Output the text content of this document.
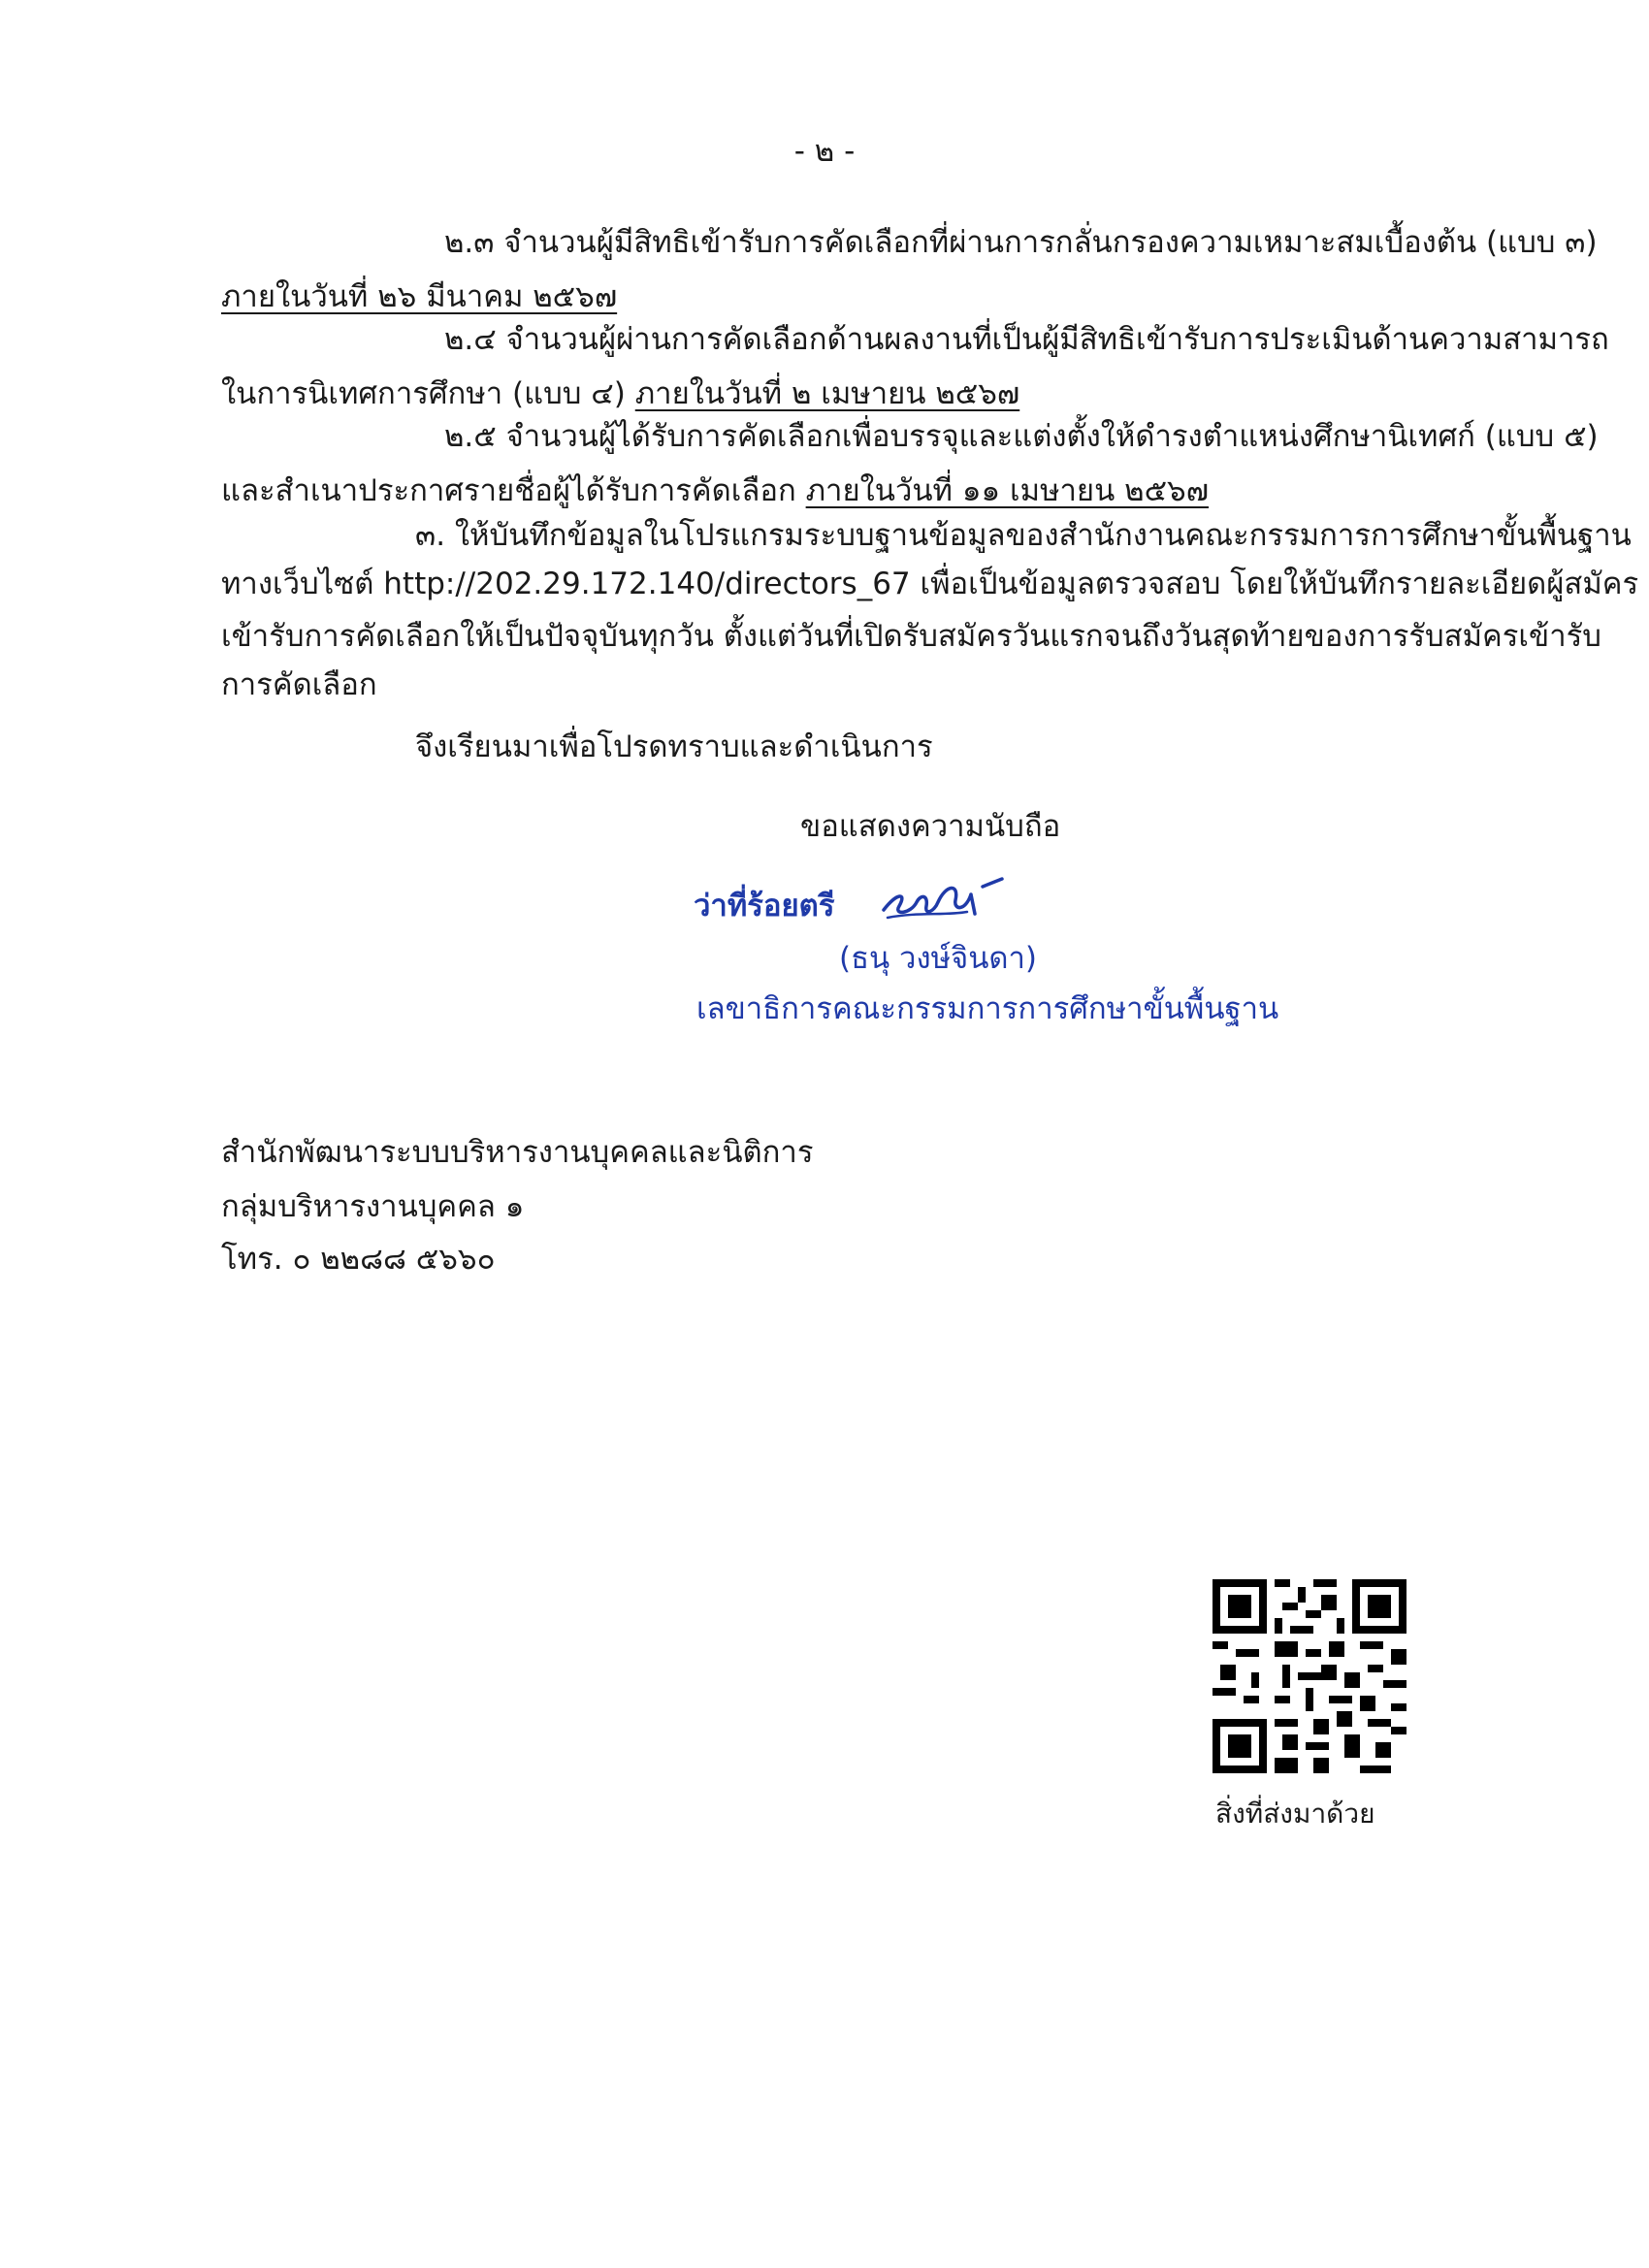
- ๒ -
๒.๓ จำนวนผู้มีสิทธิเข้ารับการคัดเลือกที่ผ่านการกลั่นกรองความเหมาะสมเบื้องต้น (แบบ ๓)
ภายในวันที่ ๒๖ มีนาคม ๒๕๖๗
๒.๔ จำนวนผู้ผ่านการคัดเลือกด้านผลงานที่เป็นผู้มีสิทธิเข้ารับการประเมินด้านความสามารถ
ในการนิเทศการศึกษา (แบบ ๔) ภายในวันที่ ๒ เมษายน ๒๕๖๗
๒.๕ จำนวนผู้ได้รับการคัดเลือกเพื่อบรรจุและแต่งตั้งให้ดำรงตำแหน่งศึกษานิเทศก์ (แบบ ๕)
และสำเนาประกาศรายชื่อผู้ได้รับการคัดเลือก ภายในวันที่ ๑๑ เมษายน ๒๕๖๗
๓. ให้บันทึกข้อมูลในโปรแกรมระบบฐานข้อมูลของสำนักงานคณะกรรมการการศึกษาขั้นพื้นฐาน
ทางเว็บไซต์ http://202.29.172.140/directors_67 เพื่อเป็นข้อมูลตรวจสอบ โดยให้บันทึกรายละเอียดผู้สมัคร
เข้ารับการคัดเลือกให้เป็นปัจจุบันทุกวัน ตั้งแต่วันที่เปิดรับสมัครวันแรกจนถึงวันสุดท้ายของการรับสมัครเข้ารับ
การคัดเลือก
จึงเรียนมาเพื่อโปรดทราบและดำเนินการ
ขอแสดงความนับถือ
ว่าที่ร้อยตรี
(ธนุ วงษ์จินดา)
เลขาธิการคณะกรรมการการศึกษาขั้นพื้นฐาน
สำนักพัฒนาระบบบริหารงานบุคคลและนิติการ
กลุ่มบริหารงานบุคคล ๑
โทร. ๐ ๒๒๘๘ ๕๖๖๐
สิ่งที่ส่งมาด้วย
